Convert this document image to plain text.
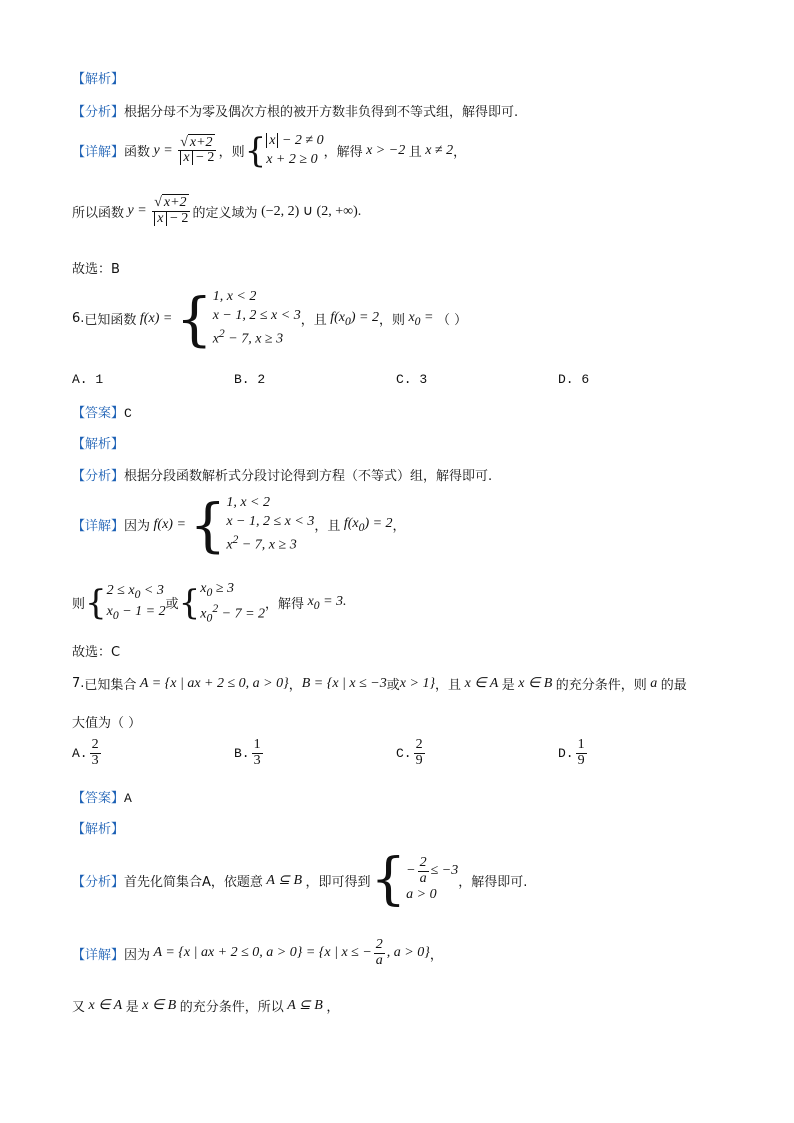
【解析】
【分析】根据分母不为零及偶次方根的被开方数非负得到不等式组，解得即可.
【详解】 函数 $y = \frac{√ x+2}{x - 2}$ ，则 { x − 2 ≠ 0
x + 2 ≥ 0 ，解得 x > −2 且 x ≠ 2 ，
所以函数 $y = \frac{√ x+2}{x - 2}$ 的定义域为 (−2, 2) ∪ (2, +∞).
故选：B
6. 已知函数 f(x) = { 1, x < 2
x − 1, 2 ≤ x < 3
$x^2 - 7$, x ≥ 3
，且 $f(x_0) = 2$ ，则 $x_0$ = （ ）
A. 1	B. 2	C. 3	D. 6
【答案】C
【解析】
【分析】根据分段函数解析式分段讨论得到方程（不等式）组，解得即可.
【详解】 因为 f(x) = { 1, x < 2
x − 1, 2 ≤ x < 3
$x^2 - 7$, x ≥ 3
，且 $f(x_0) = 2$ ，
则 { $2 \le x_0 < 3$
$x_0 - 1 = 2$ 或 { $x_0 \ge 3$
$x_0^2 - 7 = 2$
，解得 $x_0 = 3$.
故选：C
7. 已知集合 A = {x | ax + 2 ≤ 0, a > 0} ， B = {x | x ≤ −3 或 x > 1} ，且 x ∈ A 是 x ∈ B 的充分条件，则 a 的最
大值为（ ）
A. $\frac{2}{3}$	B. $\frac{1}{3}$	C. $\frac{2}{9}$	D. $\frac{1}{9}$
【答案】A
【解析】
【分析】 首先化简集合A，依题意 A ⊆ B ，即可得到 { − $\frac{2}{a} \le -3$
a > 0
，解得即可.
【详解】 因为 A = {x | ax + 2 ≤ 0, a > 0} = {x | x ≤ − $\frac{2}{a}$ , a > 0} ，
又 x ∈ A 是 x ∈ B 的充分条件，所以 A ⊆ B ，
